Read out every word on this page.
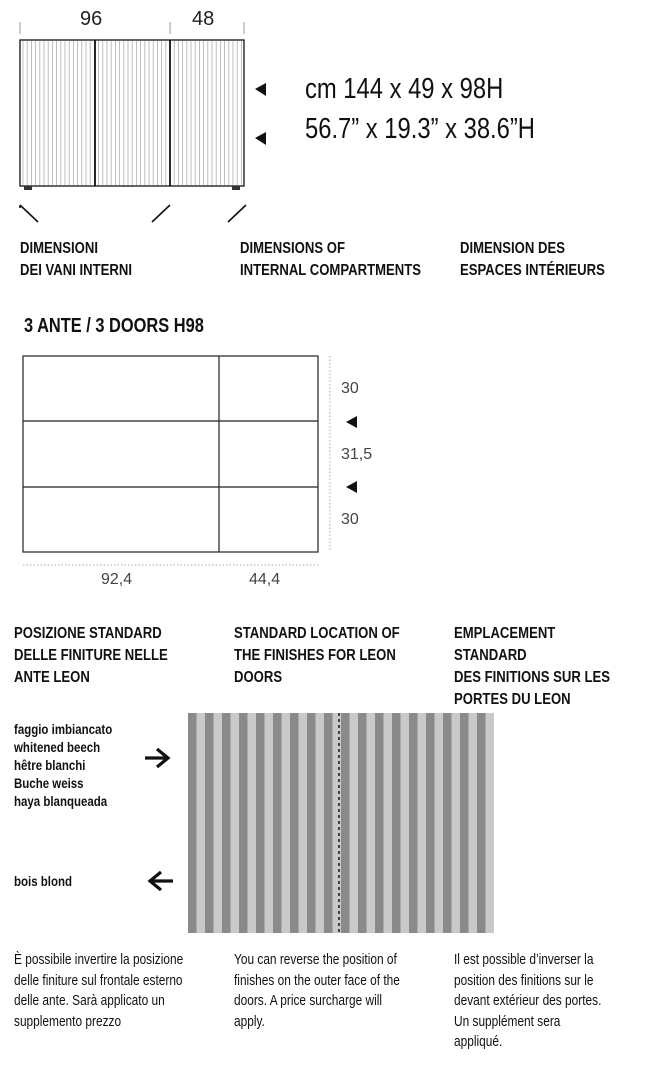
96	48
cm 144 x 49 x 98H
56.7” x 19.3” x 38.6”H
DIMENSIONI
DEI VANI INTERNI
DIMENSIONS OF
INTERNAL COMPARTMENTS
DIMENSION DES
ESPACES INTÉRIEURS
3 ANTE / 3 DOORS H98
30
31,5
30
92,4	44,4
POSIZIONE STANDARD
DELLE FINITURE NELLE
ANTE LEON
STANDARD LOCATION OF
THE FINISHES FOR LEON
DOORS
EMPLACEMENT STANDARD
DES FINITIONS SUR LES
PORTES DU LEON
faggio imbiancato
whitened beech
hêtre blanchi
Buche weiss
haya blanqueada
bois blond
È possibile invertire la posizione
delle finiture sul frontale esterno
delle ante. Sarà applicato un
supplemento prezzo
You can reverse the position of
finishes on the outer face of the
doors. A price surcharge will
apply.
Il est possible d’inverser la
position des finitions sur le
devant extérieur des portes.
Un supplément sera
appliqué.
